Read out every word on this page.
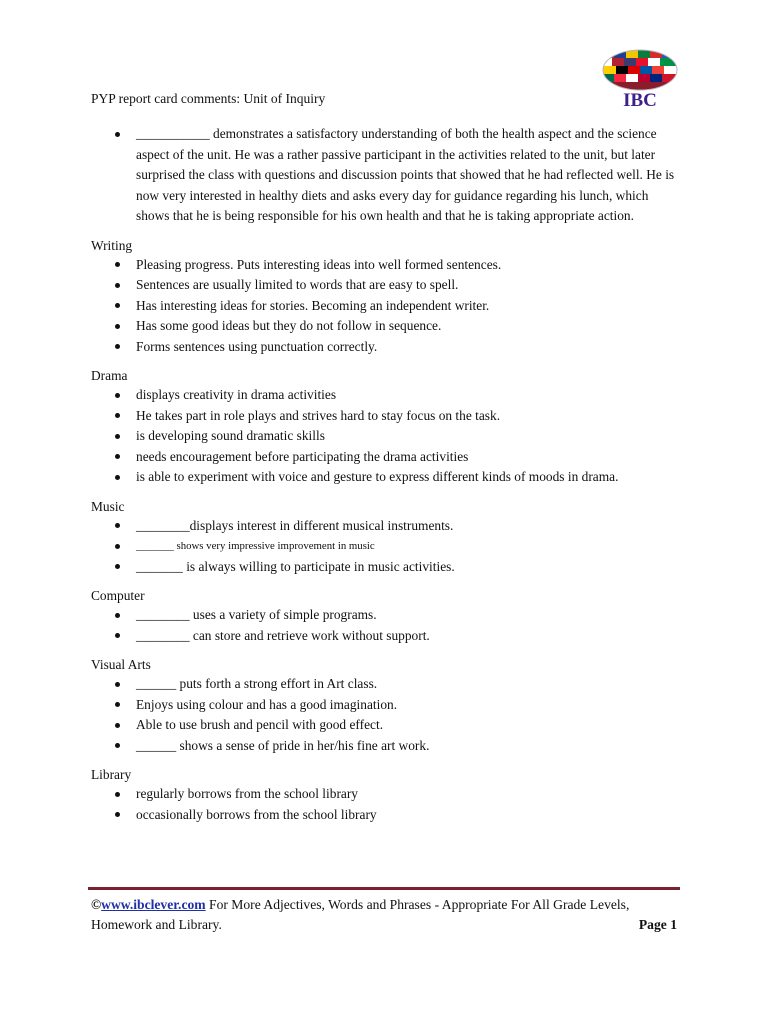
IBC
PYP report card comments: Unit of Inquiry
___________ demonstrates a satisfactory understanding of both the health aspect and the science aspect of the unit. He was a rather passive participant in the activities related to the unit, but later surprised the class with questions and discussion points that showed that he had reflected well. He is now very interested in healthy diets and asks every day for guidance regarding his lunch, which shows that he is being responsible for his own health and that he is taking appropriate action.
Writing
Pleasing progress. Puts interesting ideas into well formed sentences.
Sentences are usually limited to words that are easy to spell.
Has interesting ideas for stories. Becoming an independent writer.
Has some good ideas but they do not follow in sequence.
Forms sentences using punctuation correctly.
Drama
displays creativity in drama activities
He takes part in role plays and strives hard to stay focus on the task.
is developing sound dramatic skills
needs encouragement before participating the drama activities
is able to experiment with voice and gesture to express different kinds of moods in drama.
Music
________displays interest in different musical instruments.
_______ shows very impressive improvement in music
_______ is always willing to participate in music activities.
Computer
________ uses a variety of simple programs.
________ can store and retrieve work without support.
Visual Arts
______ puts forth a strong effort in Art class.
Enjoys using colour and has a good imagination.
Able to use brush and pencil with good effect.
______ shows a sense of pride in her/his fine art work.
Library
regularly borrows from the school library
occasionally borrows from the school library
©www.ibclever.com For More Adjectives, Words and Phrases - Appropriate For All Grade Levels, Homework and Library.	Page 1
